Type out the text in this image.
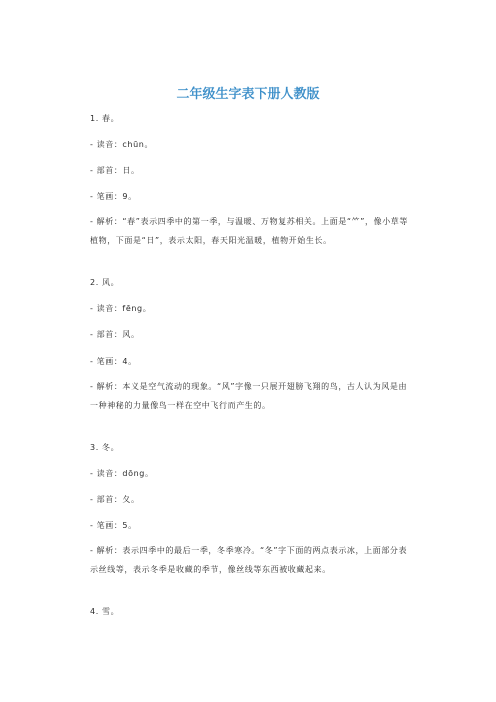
二年级生字表下册人教版
1. 春。
- 读音：chūn。
- 部首：日。
- 笔画：9。
- 解析：“春”表示四季中的第一季，与温暖、万物复苏相关。上面是“⺮”，像小草等植物，下面是“日”，表示太阳，春天阳光温暖，植物开始生长。
2. 风。
- 读音：fēng。
- 部首：风。
- 笔画：4。
- 解析：本义是空气流动的现象。“风”字像一只展开翅膀飞翔的鸟，古人认为风是由一种神秘的力量像鸟一样在空中飞行而产生的。
3. 冬。
- 读音：dōng。
- 部首：夂。
- 笔画：5。
- 解析：表示四季中的最后一季，冬季寒冷。“冬”字下面的两点表示冰，上面部分表示丝线等，表示冬季是收藏的季节，像丝线等东西被收藏起来。
4. 雪。
